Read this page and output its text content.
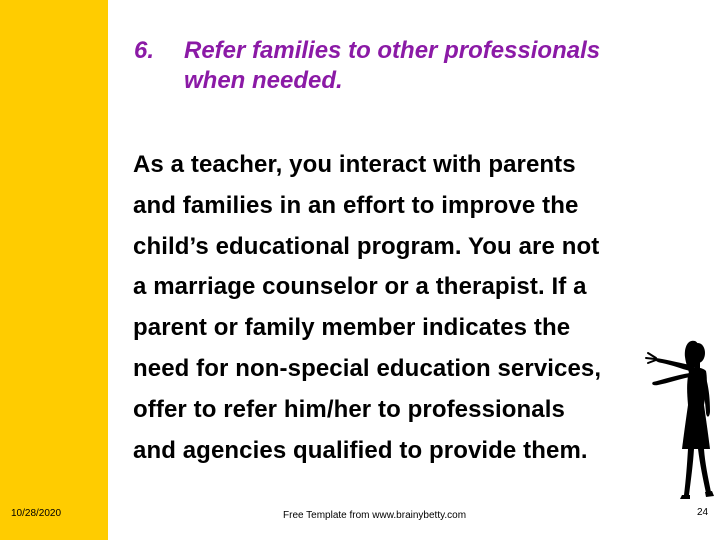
6. Refer families to other professionals
when needed.
As a teacher, you interact with parents
and families in an effort to improve the
child’s educational program. You are not
a marriage counselor or a therapist. If a
parent or family member indicates the
need for non-special education services,
offer to refer him/her to professionals
and agencies qualified to provide them.
10/28/2020	Free Template from www.brainybetty.com	24
